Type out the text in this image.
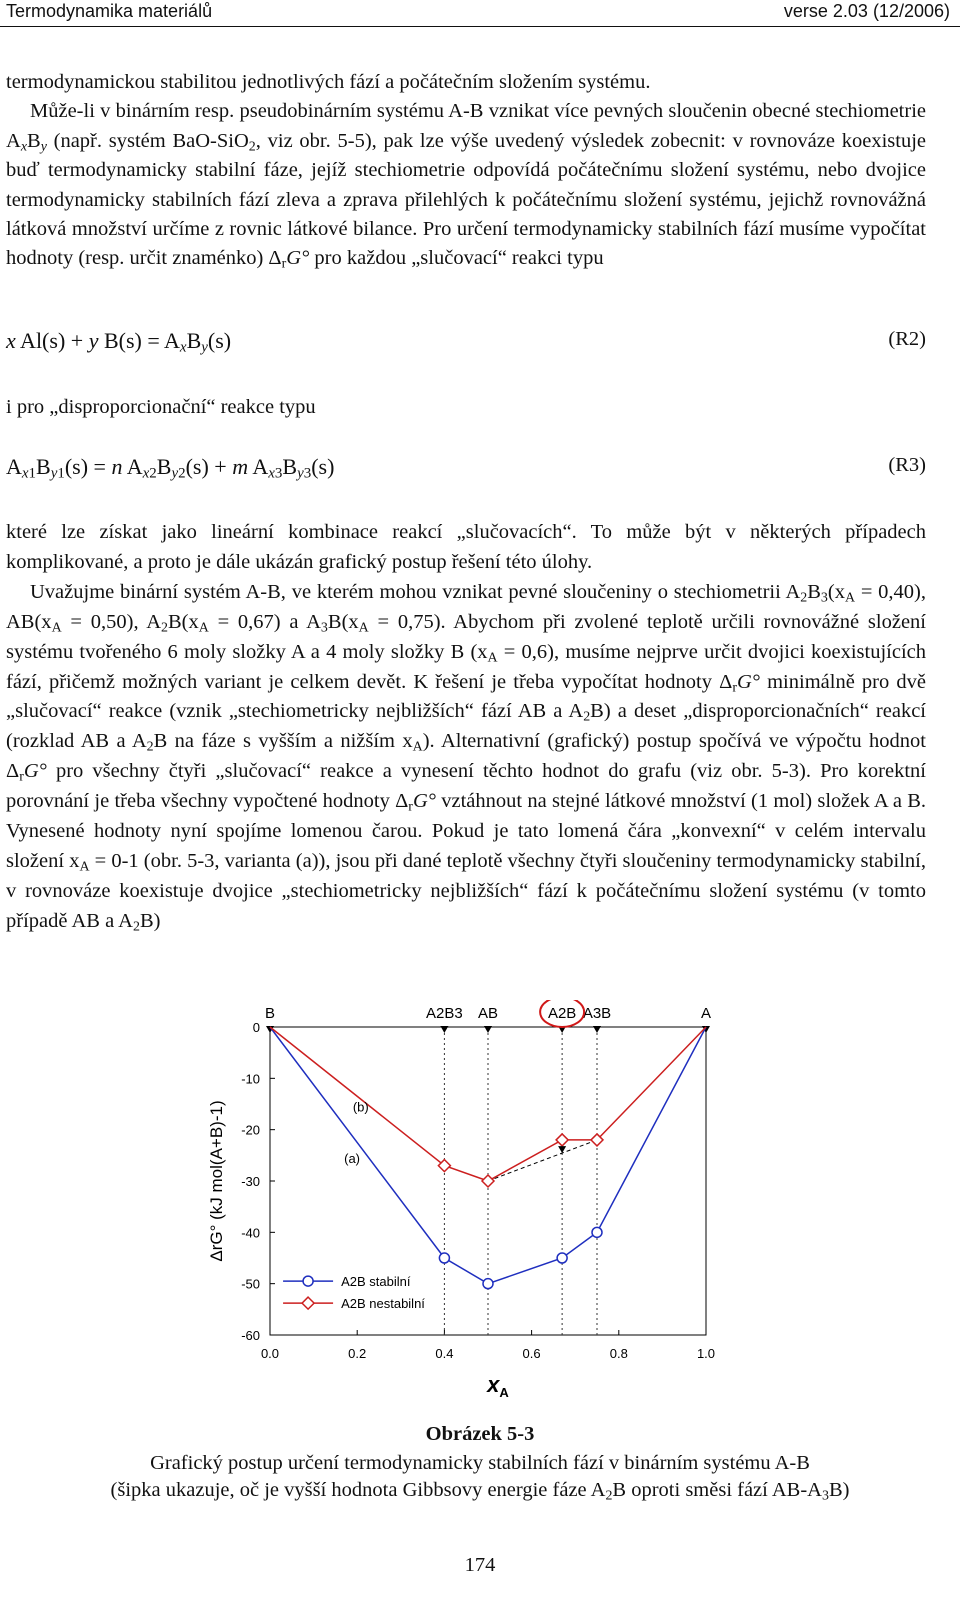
Termodynamika materiálů	verse 2.03 (12/2006)

termodynamickou stabilitou jednotlivých fází a počátečním složením systému.

Může-li v binárním resp. pseudobinárním systému A-B vznikat více pevných sloučenin obecné stechiometrie $A_xB_y$ (např. systém BaO-SiO$_2$, viz obr. 5-5), pak lze výše uvedený výsledek zobecnit: v rovnováze koexistuje buď termodynamicky stabilní fáze, jejíž stechiometrie odpovídá počátečnímu složení systému, nebo dvojice termodynamicky stabilních fází zleva a zprava přilehlých k počátečnímu složení systému, jejichž rovnovážná látková množství určíme z rovnic látkové bilance. Pro určení termodynamicky stabilních fází musíme vypočítat hodnoty (resp. určit znaménko) $\Delta_rG^\circ$ pro každou „slučovací“ reakci typu

x Al(s) + y $B(s) = A_xB_y(s)$	(R2)
i pro „disproporcionační“ reakce typu
$A_{x1}B_{y1}(s) = n$ $A_{x2}B_{y2}(s) + m$ $A_{x3}B_{y3}(s)$	(R3)

které lze získat jako lineární kombinace reakcí „slučovacích“. To může být v některých případech komplikované, a proto je dále ukázán grafický postup řešení této úlohy.

Uvažujme binární systém A-B, ve kterém mohou vznikat pevné sloučeniny o stechiometrii $A_2B_3(x_A = 0,40)$, $AB(x_A = 0,50)$, $A_2B(x_A = 0,67)$ a $A_3B(x_A = 0,75)$. Abychom při zvolené teplotě určili rovnovážné složení systému tvořeného 6 moly složky A a 4 moly složky B $(x_A = 0,6)$, musíme nejprve určit dvojici koexistujících fází, přičemž možných variant je celkem devět. K řešení je třeba vypočítat hodnoty $\Delta_rG^\circ$ minimálně pro dvě „slučovací“ reakce (vznik „stechiometricky nejbližších“ fází AB a $A_2B$) a deset „disproporcionačních“ reakcí (rozklad AB a $A_2B$ na fáze s vyšším a nižším $x_A$). Alternativní (grafický) postup spočívá ve výpočtu hodnot $\Delta_rG^\circ$ pro všechny čtyři „slučovací“ reakce a vynesení těchto hodnot do grafu (viz obr. 5-3). Pro korektní porovnání je třeba všechny vypočtené hodnoty $\Delta_rG^\circ$ vztáhnout na stejné látkové množství (1 mol) složek A a B. Vynesené hodnoty nyní spojíme lomenou čarou. Pokud je tato lomená čára „konvexní“ v celém intervalu složení $x_A = 0-1$ (obr. 5-3, varianta (a)), jsou při dané teplotě všechny čtyři sloučeniny termodynamicky stabilní, v rovnováze koexistuje dvojice „stechiometricky nejbližších“ fází k počátečnímu složení systému (v tomto případě AB a $A_2B$)

0
-10
-20
-30
-40
-50
-60
0.0	0.2	0.4	0.6	0.8	1.0
$x_A$
ΔrG° (kJ mol(A+B)-1)
B	A2B3 AB	A2B A3B	A
(b)
(a)
A2B stabilní
A2B nestabilní
Obrázek 5-3
Grafický postup určení termodynamicky stabilních fází v binárním systému A-B
(šipka ukazuje, oč je vyšší hodnota Gibbsovy energie fáze $A_2B$ oproti směsi fází $AB-A_3B$)
174
